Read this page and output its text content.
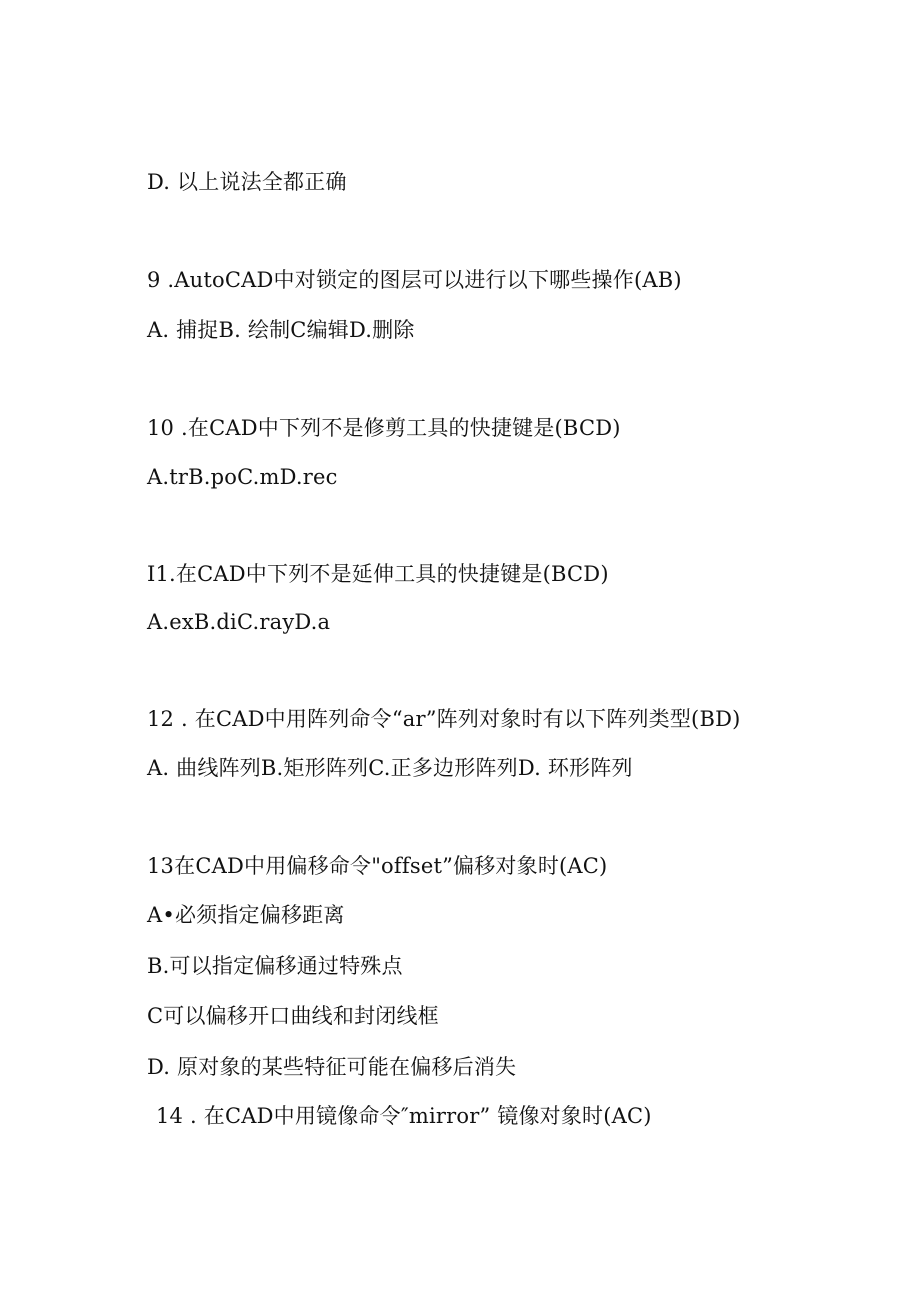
D. 以上说法全都正确
9 .AutoCAD中对锁定的图层可以进行以下哪些操作(AB)
A. 捕捉B. 绘制C编辑D.删除
10 .在CAD中下列不是修剪工具的快捷键是(BCD)
A.trB.poC.mD.rec
I1.在CAD中下列不是延伸工具的快捷键是(BCD)
A.exB.diC.rayD.a
12 . 在CAD中用阵列命令“ar”阵列对象时有以下阵列类型(BD)
A. 曲线阵列B.矩形阵列C.正多边形阵列D. 环形阵列
13在CAD中用偏移命令"offset”偏移对象时(AC)
A•必须指定偏移距离
B.可以指定偏移通过特殊点
C可以偏移开口曲线和封闭线框
D. 原对象的某些特征可能在偏移后消失
14 . 在CAD中用镜像命令″mirror” 镜像对象时(AC)
